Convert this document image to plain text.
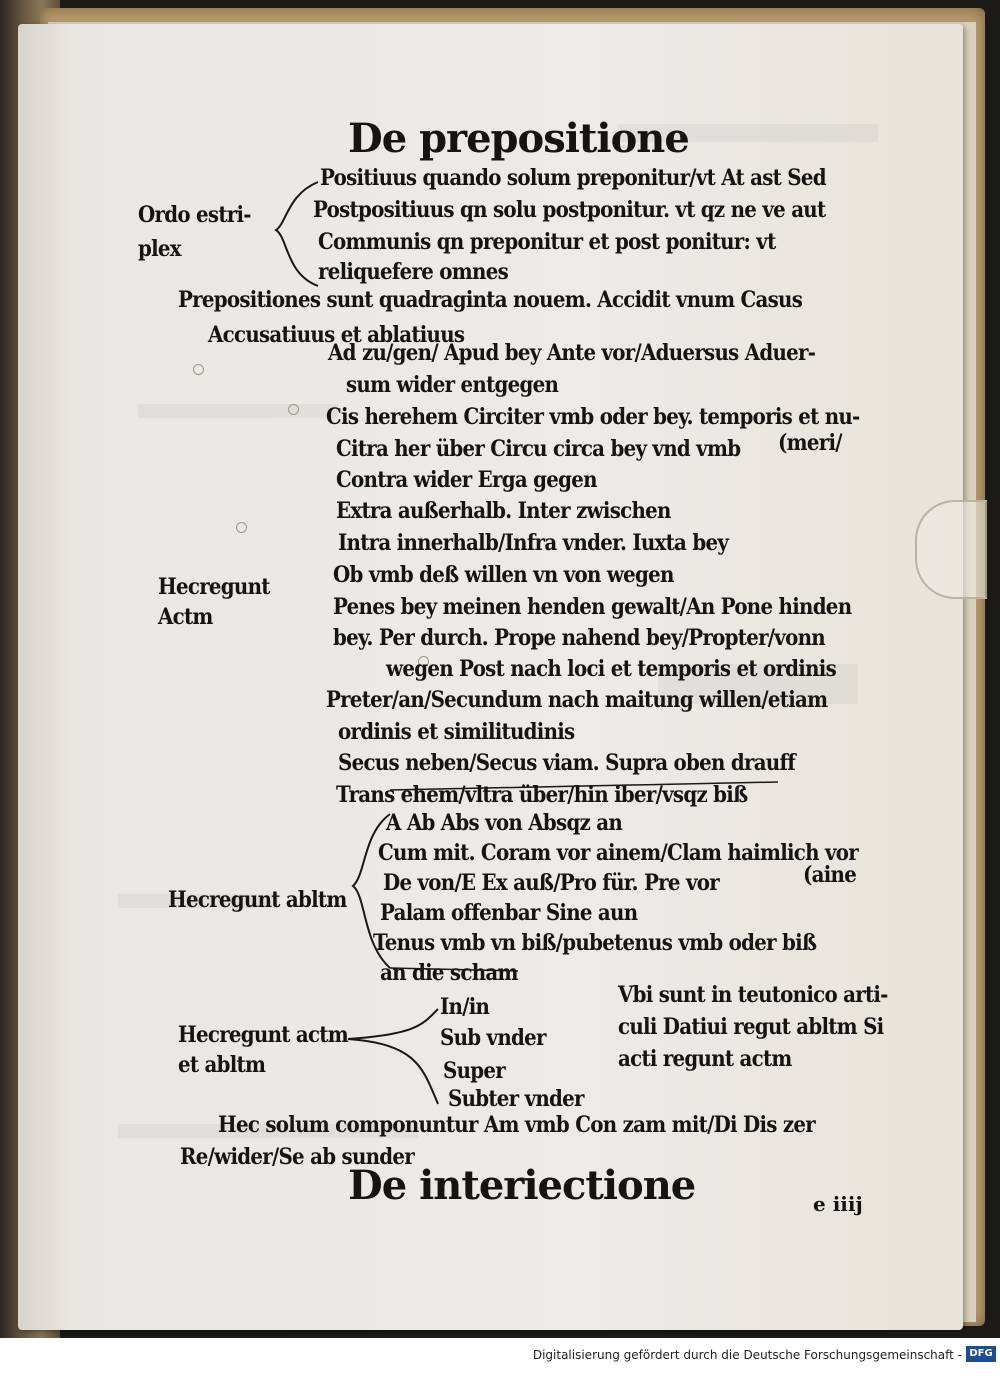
De prepositione
Ordo estri-
plex
Positiuus quando solum preponitur/vt At ast Sed
Postpositiuus qn solu postponitur. vt qz ne ve aut
Communis qn preponitur et post ponitur: vt
reliquefere omnes
Prepositiones sunt quadraginta nouem. Accidit vnum Casus
Accusatiuus et ablatiuus
Hecregunt
Actm
Ad zu/gen/ Apud bey Ante vor/Aduersus Aduer-
sum wider entgegen
Cis herehem Circiter vmb oder bey. temporis et nu-
Citra her über Circu circa bey vnd vmb (meri/
Contra wider Erga gegen
Extra außerhalb. Inter zwischen
Intra innerhalb/Infra vnder. Iuxta bey
Ob vmb deß willen vn von wegen
Penes bey meinen henden gewalt/An Pone hinden
bey. Per durch. Prope nahend bey/Propter/vonn
wegen Post nach loci et temporis et ordinis
Preter/an/Secundum nach maitung willen/etiam
ordinis et similitudinis
Secus neben/Secus viam. Supra oben drauff
Trans ehem/vltra über/hin iber/vsqz biß
Hecregunt abltm
A Ab Abs von Absqz an
Cum mit. Coram vor ainem/Clam haimlich vor
De von/E Ex auß/Pro für. Pre vor	(aine
Palam offenbar Sine aun
Tenus vmb vn biß/pubetenus vmb oder biß
an die scham
Hecregunt actm
et abltm
In/in
Sub vnder
Super
Subter vnder
Vbi sunt in teutonico arti-
culi Datiui regut abltm Si
acti regunt actm
Hec solum componuntur Am vmb Con zam mit/Di Dis zer
Re/wider/Se ab sunder
De interiectione	e iiij
Digitalisierung gefördert durch die Deutsche Forschungsgemeinschaft - DFG
